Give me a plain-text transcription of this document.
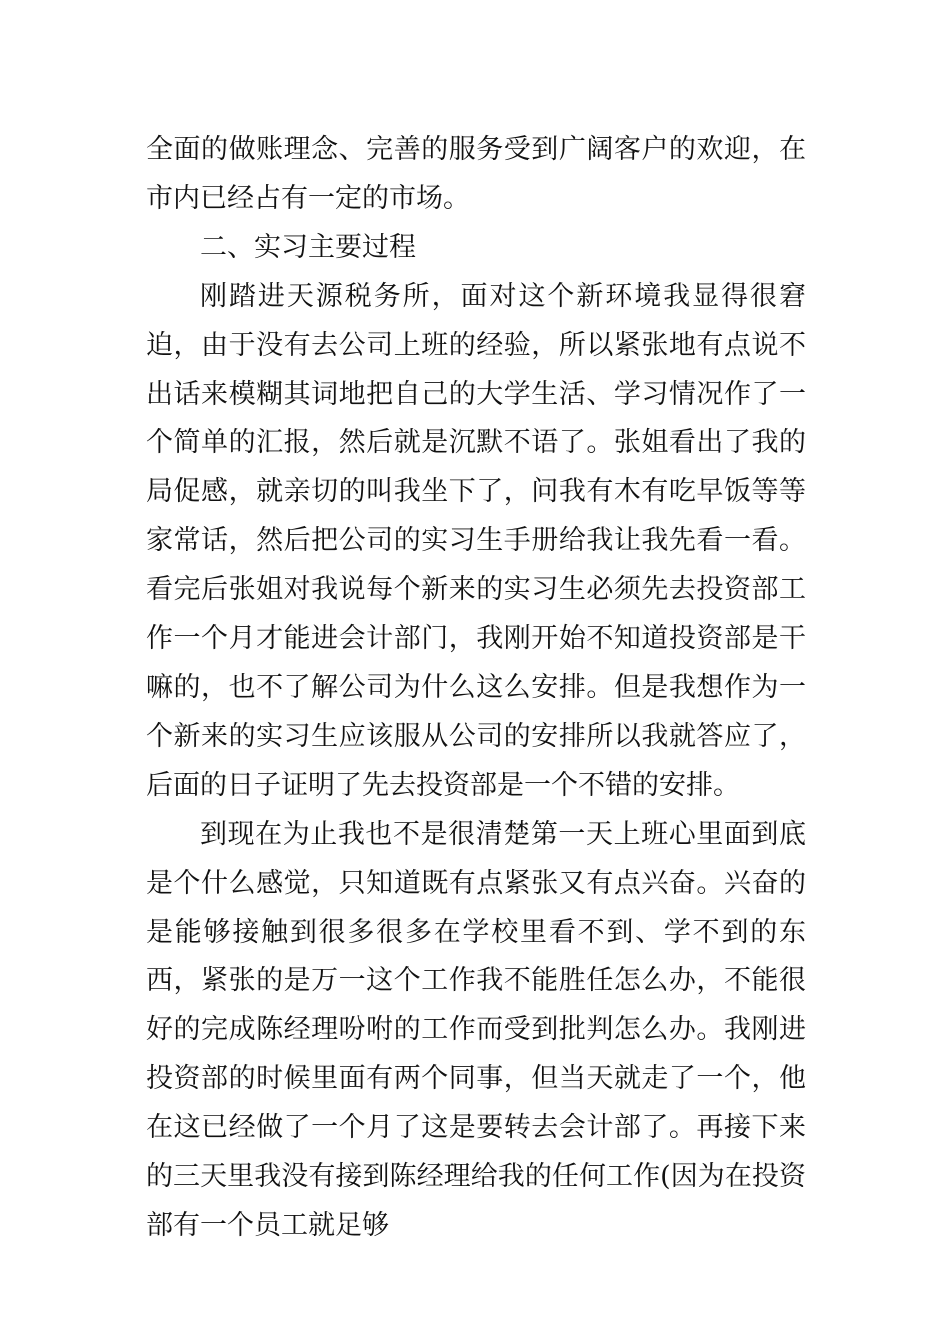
全面的做账理念、完善的服务受到广阔客户的欢迎，在市内已经占有一定的市场。

二、实习主要过程

刚踏进天源税务所，面对这个新环境我显得很窘迫，由于没有去公司上班的经验，所以紧张地有点说不出话来模糊其词地把自己的大学生活、学习情况作了一个简单的汇报，然后就是沉默不语了。张姐看出了我的局促感，就亲切的叫我坐下了，问我有木有吃早饭等等家常话，然后把公司的实习生手册给我让我先看一看。看完后张姐对我说每个新来的实习生必须先去投资部工作一个月才能进会计部门，我刚开始不知道投资部是干嘛的，也不了解公司为什么这么安排。但是我想作为一个新来的实习生应该服从公司的安排所以我就答应了，后面的日子证明了先去投资部是一个不错的安排。

到现在为止我也不是很清楚第一天上班心里面到底是个什么感觉，只知道既有点紧张又有点兴奋。兴奋的是能够接触到很多很多在学校里看不到、学不到的东西，紧张的是万一这个工作我不能胜任怎么办，不能很好的完成陈经理吩咐的工作而受到批判怎么办。我刚进投资部的时候里面有两个同事，但当天就走了一个，他在这已经做了一个月了这是要转去会计部了。再接下来的三天里我没有接到陈经理给我的任何工作(因为在投资部有一个员工就足够
